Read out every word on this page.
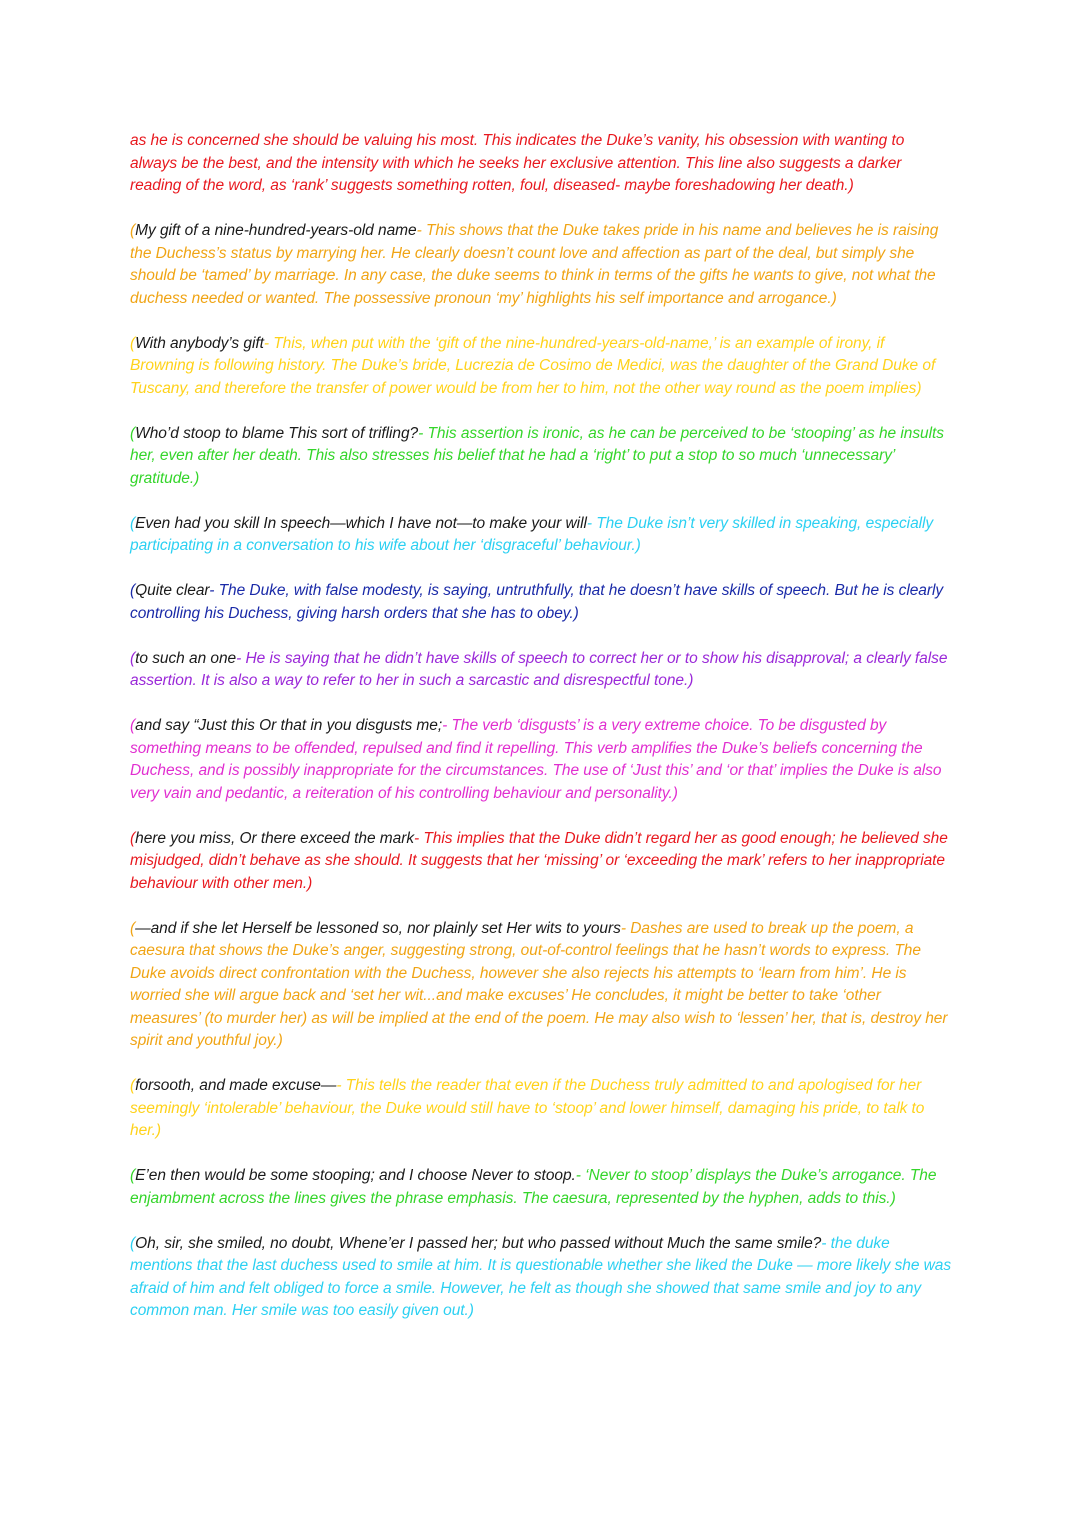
as he is concerned she should be valuing his most. This indicates the Duke’s vanity, his obsession with wanting to always be the best, and the intensity with which he seeks her exclusive attention. This line also suggests a darker reading of the word, as ‘rank’ suggests something rotten, foul, diseased- maybe foreshadowing her death.)

(My gift of a nine-hundred-years-old name- This shows that the Duke takes pride in his name and believes he is raising the Duchess’s status by marrying her. He clearly doesn’t count love and affection as part of the deal, but simply she should be ‘tamed’ by marriage. In any case, the duke seems to think in terms of the gifts he wants to give, not what the duchess needed or wanted. The possessive pronoun ‘my’ highlights his self importance and arrogance.)

(With anybody’s gift- This, when put with the ‘gift of the nine-hundred-years-old-name,’ is an example of irony, if Browning is following history. The Duke’s bride, Lucrezia de Cosimo de Medici, was the daughter of the Grand Duke of Tuscany, and therefore the transfer of power would be from her to him, not the other way round as the poem implies)

(Who’d stoop to blame This sort of trifling?- This assertion is ironic, as he can be perceived to be ‘stooping’ as he insults her, even after her death. This also stresses his belief that he had a ‘right’ to put a stop to so much ‘unnecessary’ gratitude.)

(Even had you skill In speech—which I have not—to make your will- The Duke isn’t very skilled in speaking, especially participating in a conversation to his wife about her ‘disgraceful’ behaviour.)

(Quite clear- The Duke, with false modesty, is saying, untruthfully, that he doesn’t have skills of speech. But he is clearly controlling his Duchess, giving harsh orders that she has to obey.)

(to such an one- He is saying that he didn’t have skills of speech to correct her or to show his disapproval; a clearly false assertion. It is also a way to refer to her in such a sarcastic and disrespectful tone.)

(and say “Just this Or that in you disgusts me;- The verb ‘disgusts’ is a very extreme choice. To be disgusted by something means to be offended, repulsed and find it repelling. This verb amplifies the Duke’s beliefs concerning the Duchess, and is possibly inappropriate for the circumstances. The use of ‘Just this’ and ‘or that’ implies the Duke is also very vain and pedantic, a reiteration of his controlling behaviour and personality.)

(here you miss, Or there exceed the mark- This implies that the Duke didn’t regard her as good enough; he believed she misjudged, didn’t behave as she should. It suggests that her ‘missing’ or ‘exceeding the mark’ refers to her inappropriate behaviour with other men.)

(—and if she let Herself be lessoned so, nor plainly set Her wits to yours- Dashes are used to break up the poem, a caesura that shows the Duke’s anger, suggesting strong, out-of-control feelings that he hasn’t words to express. The Duke avoids direct confrontation with the Duchess, however she also rejects his attempts to ‘learn from him’. He is worried she will argue back and ‘set her wit...and make excuses’ He concludes, it might be better to take ‘other measures’ (to murder her) as will be implied at the end of the poem. He may also wish to ‘lessen’ her, that is, destroy her spirit and youthful joy.)

(forsooth, and made excuse—- This tells the reader that even if the Duchess truly admitted to and apologised for her seemingly ‘intolerable’ behaviour, the Duke would still have to ‘stoop’ and lower himself, damaging his pride, to talk to her.)

(E’en then would be some stooping; and I choose Never to stoop.- ‘Never to stoop’ displays the Duke’s arrogance. The enjambment across the lines gives the phrase emphasis. The caesura, represented by the hyphen, adds to this.)

(Oh, sir, she smiled, no doubt, Whene’er I passed her; but who passed without Much the same smile?- the duke mentions that the last duchess used to smile at him. It is questionable whether she liked the Duke — more likely she was afraid of him and felt obliged to force a smile. However, he felt as though she showed that same smile and joy to any common man. Her smile was too easily given out.)
